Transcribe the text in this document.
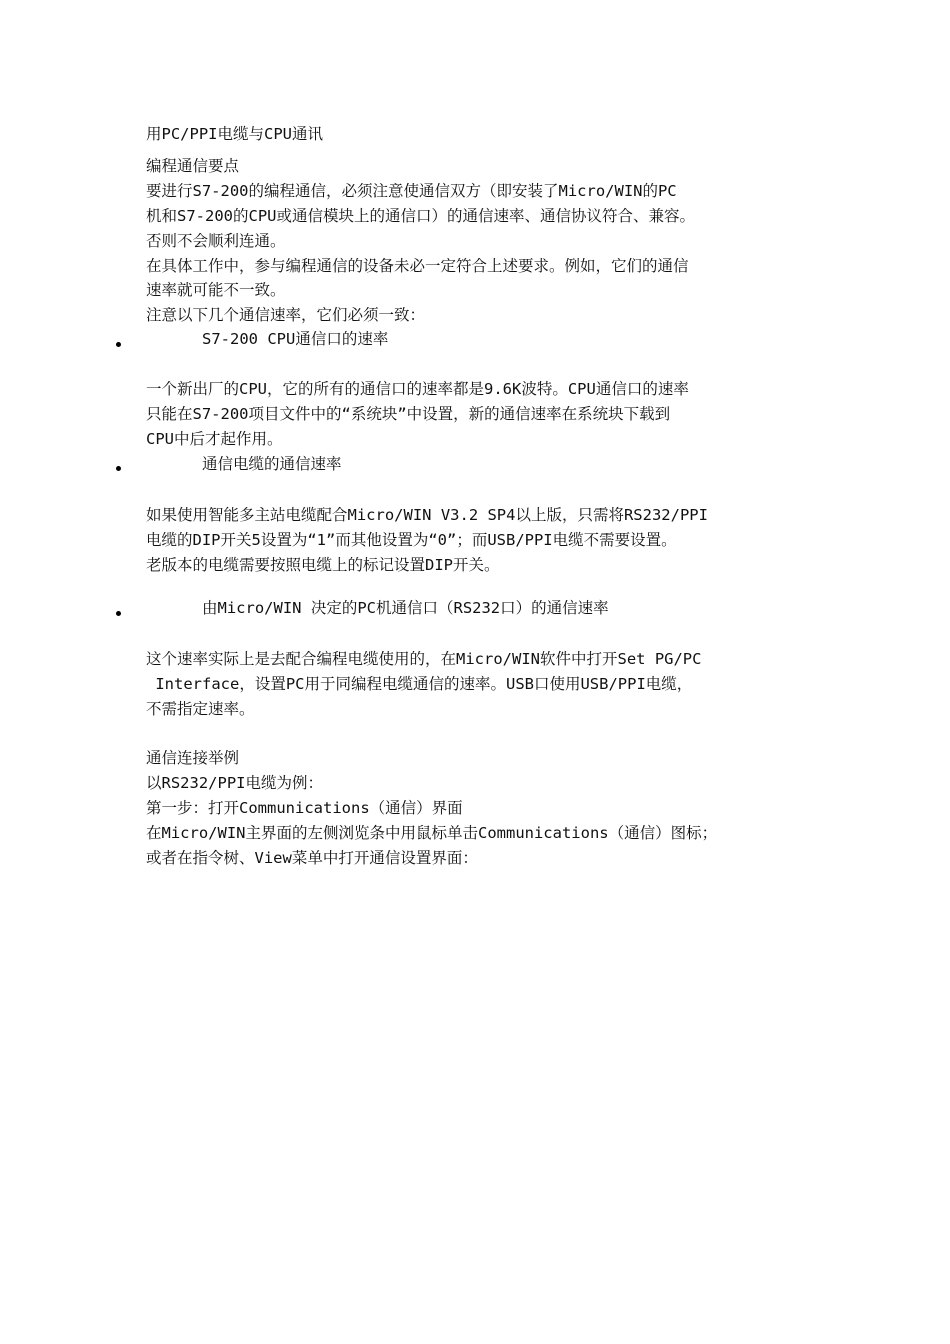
用PC/PPI电缆与CPU通讯
编程通信要点
要进行S7-200的编程通信，必须注意使通信双方（即安装了Micro/WIN的PC
机和S7-200的CPU或通信模块上的通信口）的通信速率、通信协议符合、兼容。
否则不会顺利连通。
在具体工作中，参与编程通信的设备未必一定符合上述要求。例如，它们的通信
速率就可能不一致。
注意以下几个通信速率，它们必须一致：
S7-200 CPU通信口的速率
一个新出厂的CPU，它的所有的通信口的速率都是9.6K波特。CPU通信口的速率
只能在S7-200项目文件中的“系统块”中设置，新的通信速率在系统块下载到
CPU中后才起作用。
通信电缆的通信速率
如果使用智能多主站电缆配合Micro/WIN V3.2 SP4以上版，只需将RS232/PPI
电缆的DIP开关5设置为“1”而其他设置为“0”；而USB/PPI电缆不需要设置。
老版本的电缆需要按照电缆上的标记设置DIP开关。
由Micro/WIN 决定的PC机通信口（RS232口）的通信速率
这个速率实际上是去配合编程电缆使用的，在Micro/WIN软件中打开Set PG/PC
Interface，设置PC用于同编程电缆通信的速率。USB口使用USB/PPI电缆，
不需指定速率。
通信连接举例
以RS232/PPI电缆为例：
第一步：打开Communications（通信）界面
在Micro/WIN主界面的左侧浏览条中用鼠标单击Communications（通信）图标；
或者在指令树、View菜单中打开通信设置界面：
